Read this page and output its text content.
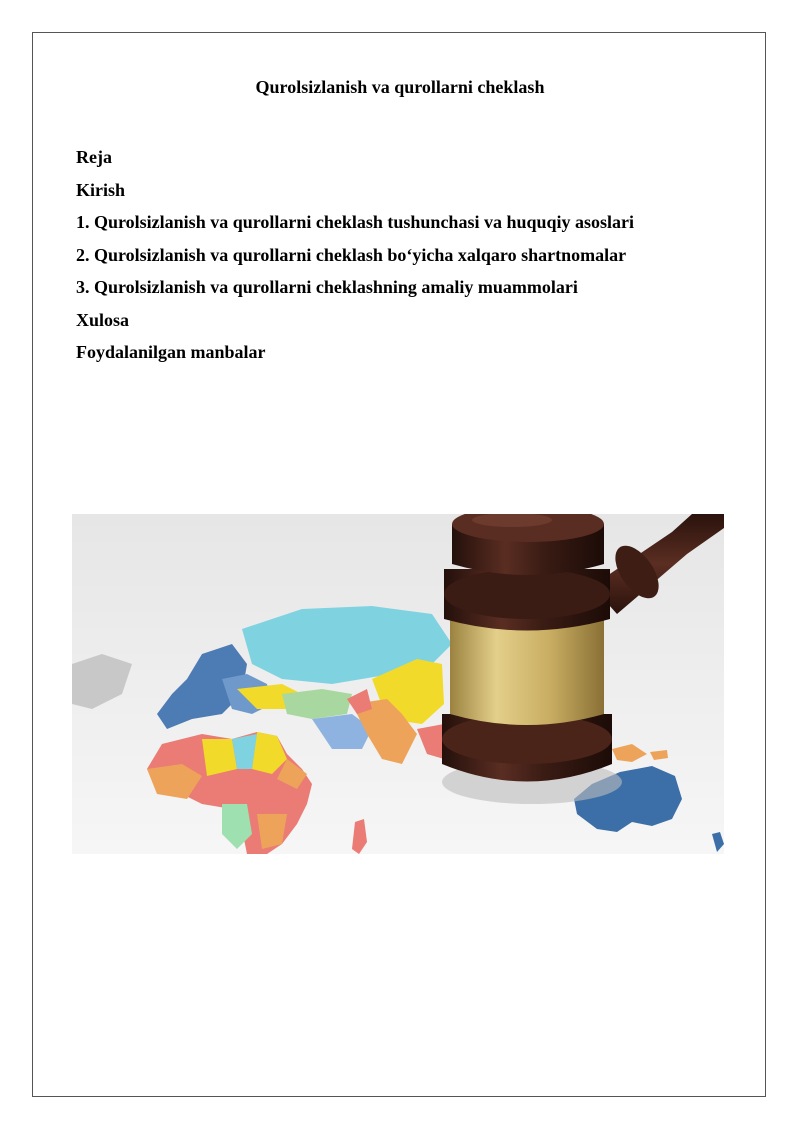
Qurolsizlanish va qurollarni cheklash
Reja
Kirish
1. Qurolsizlanish va qurollarni cheklash tushunchasi va huquqiy asoslari
2. Qurolsizlanish va qurollarni cheklash bo‘yicha xalqaro shartnomalar
3. Qurolsizlanish va qurollarni cheklashning amaliy muammolari
Xulosa
Foydalanilgan manbalar
